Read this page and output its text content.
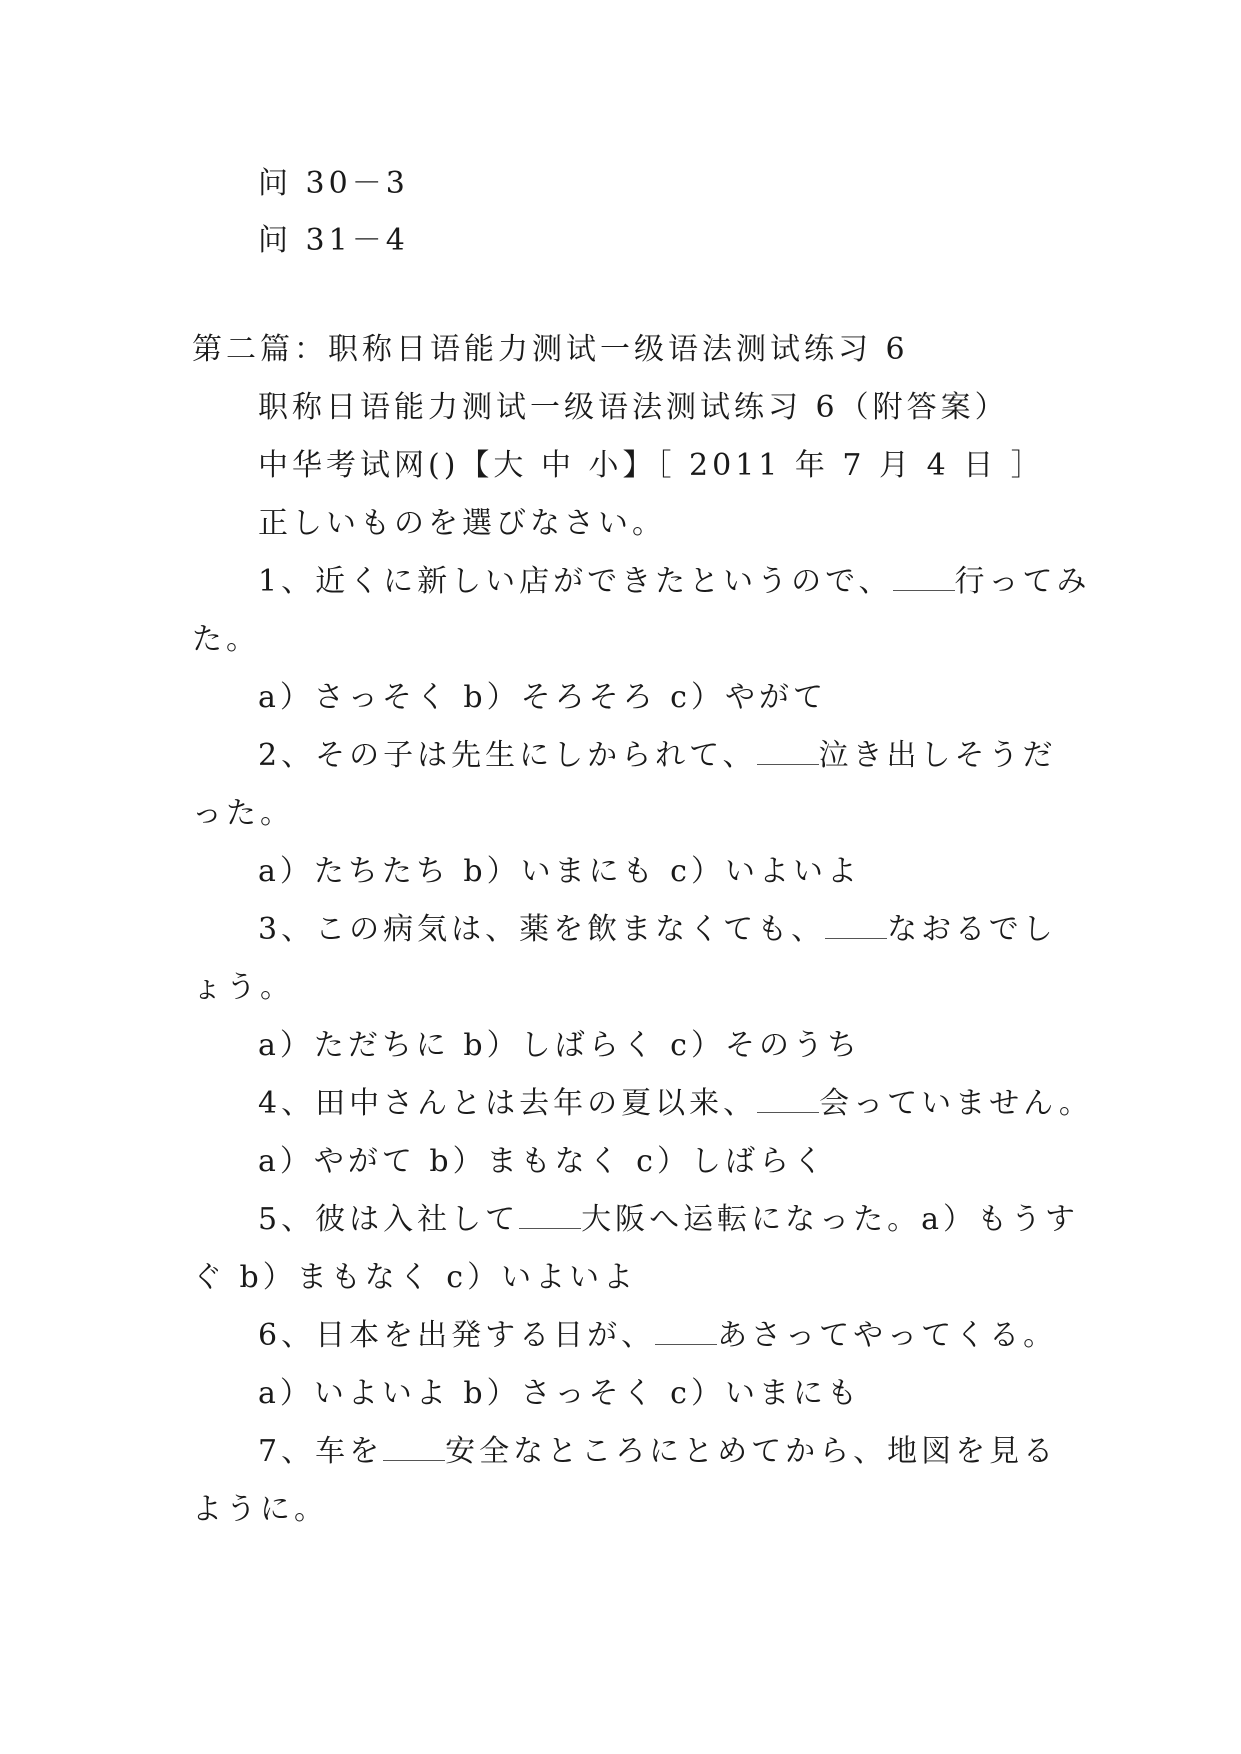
问 30－3
问 31－4
第二篇：职称日语能力测试一级语法测试练习 6
职称日语能力测试一级语法测试练习 6（附答案）
中华考试网()【大 中 小】［ 2011 年 7 月 4 日 ］
正しいものを選びなさい。
1、近くに新しい店ができたというので、 行ってみ
た。
a）さっそく b）そろそろ c）やがて
2、その子は先生にしかられて、 泣き出しそうだ
った。
a）たちたち b）いまにも c）いよいよ
3、この病気は、薬を飲まなくても、 なおるでし
ょう。
a）ただちに b）しばらく c）そのうち
4、田中さんとは去年の夏以来、 会っていません。
a）やがて b）まもなく c）しばらく
5、彼は入社して 大阪へ运転になった。a）もうす
ぐ b）まもなく c）いよいよ
6、日本を出発する日が、 あさってやってくる。
a）いよいよ b）さっそく c）いまにも
7、车を 安全なところにとめてから、地図を見る
ように。
